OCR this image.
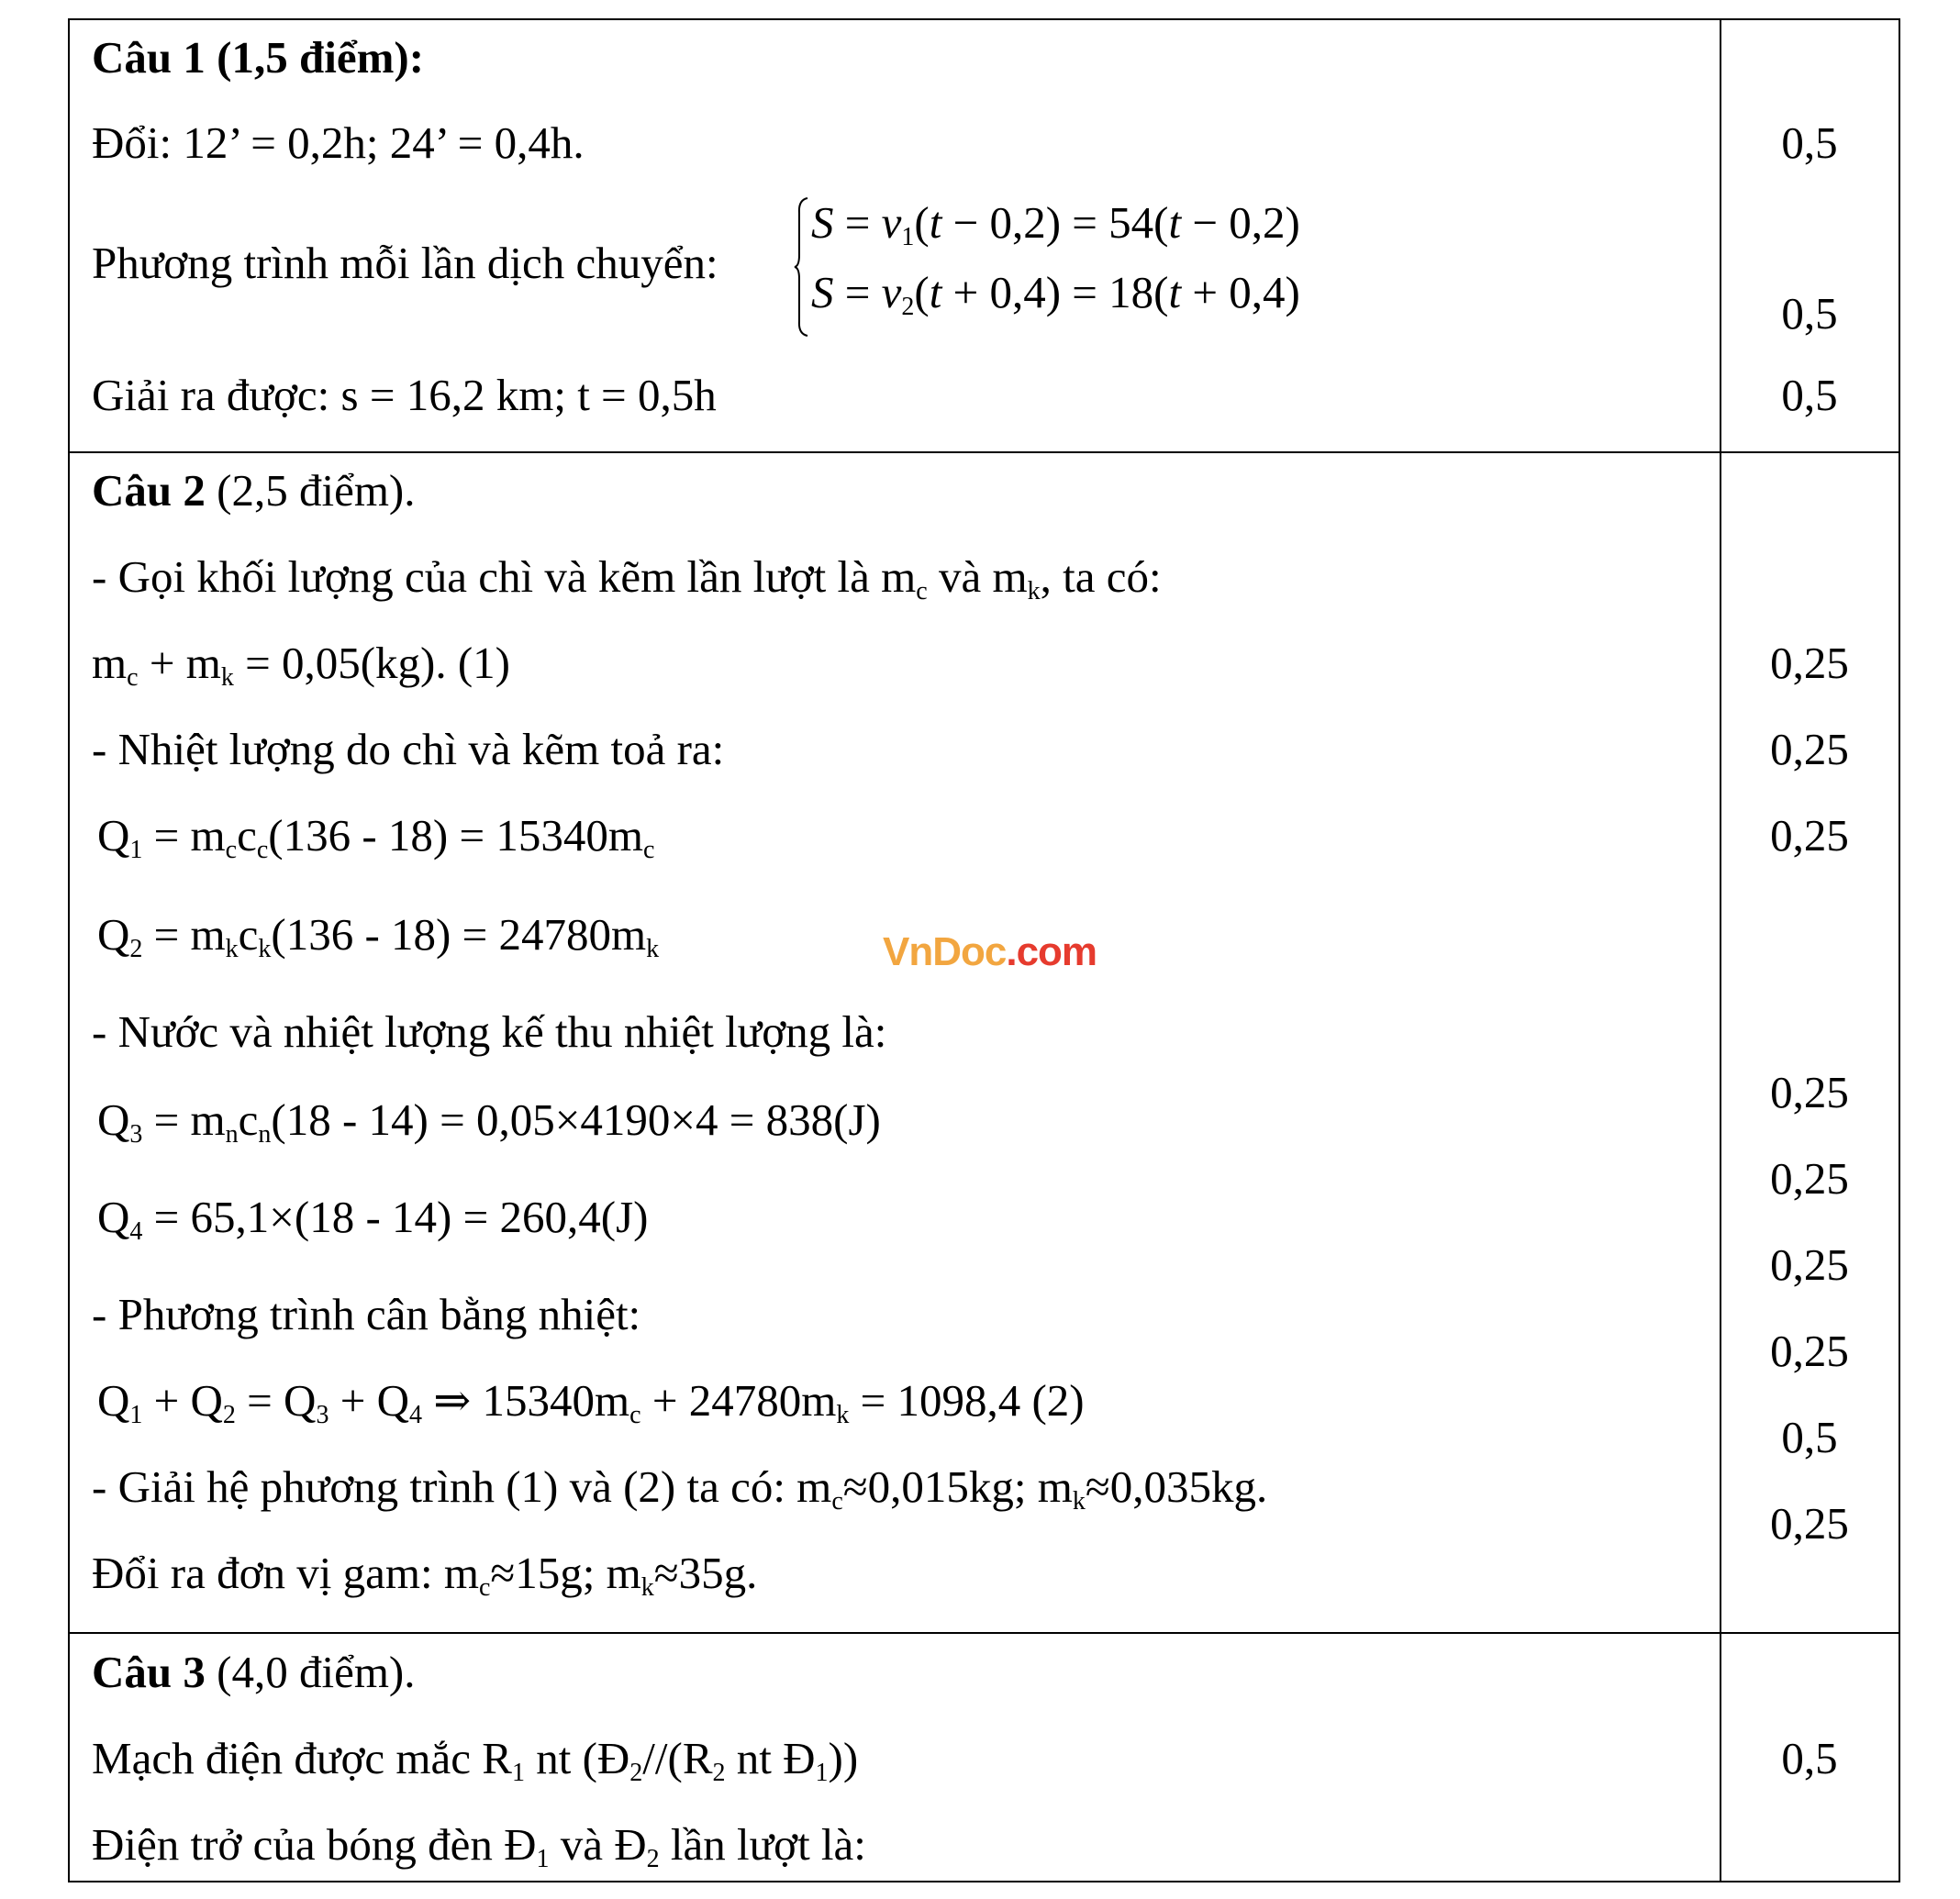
Câu 1 (1,5 điểm):
Đổi: 12’ = 0,2h; 24’ = 0,4h.
Phương trình mỗi lần dịch chuyển:
$S = v_1(t - 0,2) = 54(t - 0,2)$
$S = v_2(t + 0,4) = 18(t + 0,4)$
Giải ra được: s = 16,2 km; t = 0,5h
0,5
0,5
0,5
Câu 2 (2,5 điểm).
- Gọi khối lượng của chì và kẽm lần lượt là $m_c$ và $m_k$, ta có:
$m_c + m_k = 0,05(kg)$. (1)
- Nhiệt lượng do chì và kẽm toả ra:
$Q_1 = m_cc_c(136 - 18) = 15340m_c$
$Q_2 = m_kc_k(136 - 18) = 24780m_k$
- Nước và nhiệt lượng kế thu nhiệt lượng là:
$Q_3 = m_nc_n(18 - 14) = 0,05\times 4190\times 4 = 838(J)$
$Q_4 = 65,1\times(18 - 14) = 260,4(J)$
- Phương trình cân bằng nhiệt:
$Q_1 + Q_2 = Q_3 + Q_4$ ⇒ $15340m_c + 24780m_k = 1098,4$ (2)
- Giải hệ phương trình (1) và (2) ta có: $m_c\approx 0,015kg$; $m_k\approx 0,035kg$.
Đổi ra đơn vị gam: $m_c\approx 15g$; $m_k\approx 35g$.
0,25
0,25
0,25
0,25
0,25
0,25
0,25
0,5
0,25
Câu 3 (4,0 điểm).
Mạch điện được mắc $R_1$ nt ($Đ_2//(R_2$ nt $Đ_1$))
Điện trở của bóng đèn $Đ_1$ và $Đ_2$ lần lượt là:
0,5
VnDoc.com
